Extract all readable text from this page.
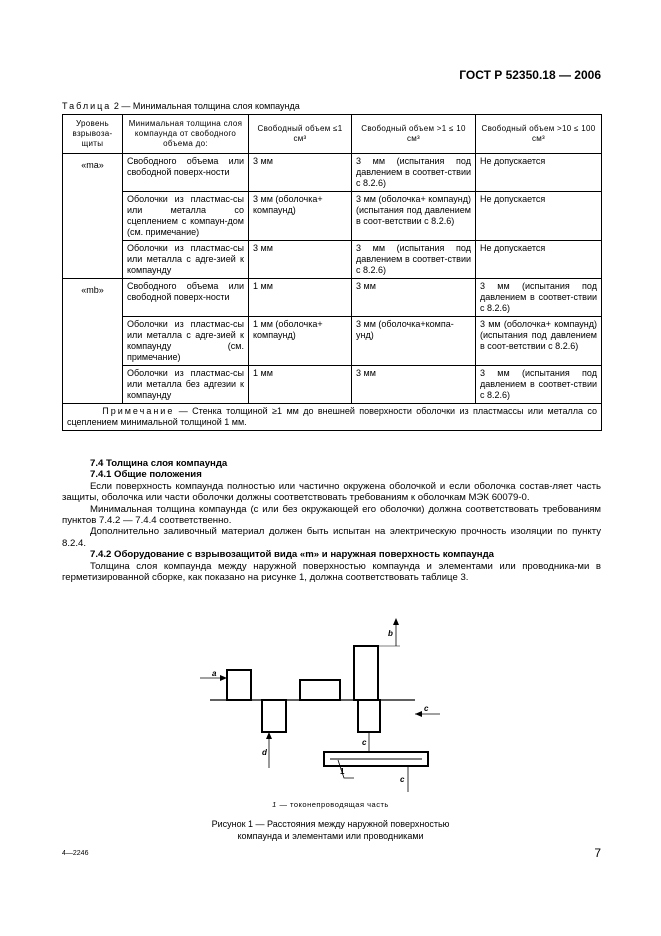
ГОСТ Р 52350.18 — 2006
Таблица 2 — Минимальная толщина слоя компаунда
Уровень взрывоза-щиты	Минимальная толщина слоя компаунда от свободного объема до:	Свободный объем ≤1 см³	Свободный объем >1 ≤ 10 см³	Свободный объем >10 ≤ 100 см³
«ma»	Свободного объема или свободной поверх-ности	3 мм	3 мм (испытания под давлением в соответ-ствии с 8.2.6)	Не допускается
	Оболочки из пластмас-сы или металла со сцеплением с компаун-дом (см. примечание)	3 мм (оболочка+ компаунд)	3 мм (оболочка+ компаунд) (испытания под давлением в соот-ветствии с 8.2.6)	Не допускается
	Оболочки из пластмас-сы или металла с адге-зией к компаунду	3 мм	3 мм (испытания под давлением в соответ-ствии с 8.2.6)	Не допускается
«mb»	Свободного объема или свободной поверх-ности	1 мм	3 мм	3 мм (испытания под давлением в соответ-ствии с 8.2.6)
	Оболочки из пластмас-сы или металла с адге-зией к компаунду (см. примечание)	1 мм (оболочка+ компаунд)	3 мм (оболочка+компа-унд)	3 мм (оболочка+ компаунд) (испытания под давлением в соот-ветствии с 8.2.6)
	Оболочки из пластмас-сы или металла без адгезии к компаунду	1 мм	3 мм	3 мм (испытания под давлением в соответ-ствии с 8.2.6)
Примечание — Стенка толщиной ≥1 мм до внешней поверхности оболочки из пластмассы или металла со сцеплением минимальной толщиной 1 мм.				

7.4 Толщина слоя компаунда

7.4.1 Общие положения

Если поверхность компаунда полностью или частично окружена оболочкой и если оболочка состав-ляет часть защиты, оболочка или части оболочки должны соответствовать требованиям к оболочкам МЭК 60079-0.

Минимальная толщина компаунда (с или без окружающей его оболочки) должна соответствовать требованиям пунктов 7.4.2 — 7.4.4 соответственно.

Дополнительно заливочный материал должен быть испытан на электрическую прочность изоляции по пункту 8.2.4.

7.4.2 Оборудование с взрывозащитой вида «m» и наружная поверхность компаунда

Толщина слоя компаунда между наружной поверхностью компаунда и элементами или проводника-ми в герметизированной сборке, как показано на рисунке 1, должна соответствовать таблице 3.

a
b
c
d
c
c
1
1 — токонепроводящая часть
Рисунок 1 — Расстояния между наружной поверхностью
компаунда и элементами или проводниками
4—2246	7
